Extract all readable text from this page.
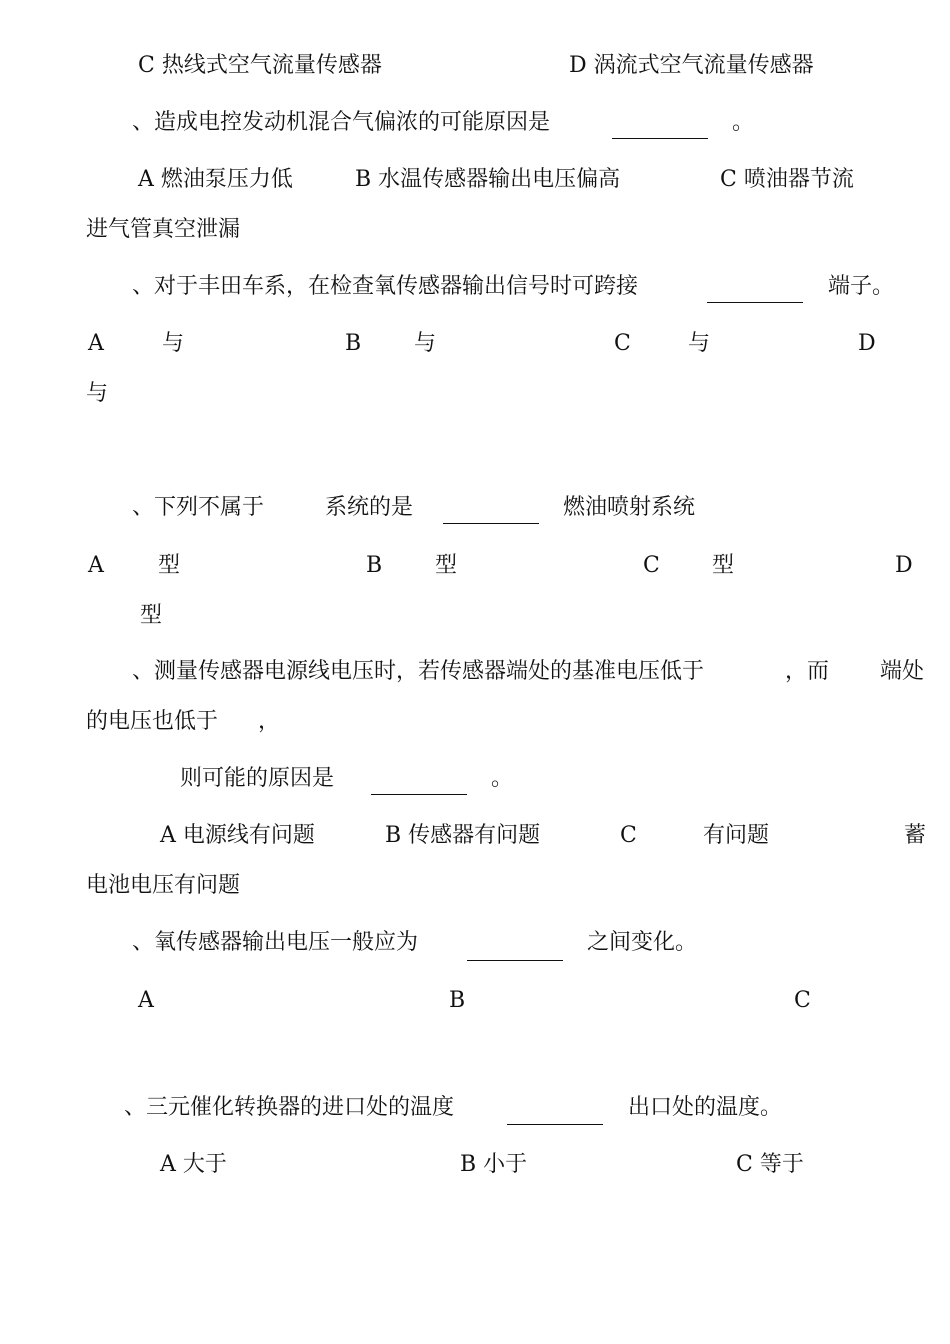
C 热线式空气流量传感器	D 涡流式空气流量传感器
、造成电控发动机混合气偏浓的可能原因是	。
A 燃油泵压力低	B 水温传感器输出电压偏高	C 喷油器节流
进气管真空泄漏
、对于丰田车系，在检查氧传感器输出信号时可跨接	端子。
A	与	B 与	C	与	D
与
、下列不属于	系统的是	燃油喷射系统
A 型	B 型	C 型	D
型
、测量传感器电源线电压时，若传感器端处的基准电压低于	，而 端处
的电压也低于 ，
则可能的原因是	。
A 电源线有问题	B 传感器有问题	C	有问题	蓄
电池电压有问题
、氧传感器输出电压一般应为	之间变化。
A	B	C
、三元催化转换器的进口处的温度	出口处的温度。
A 大于	B 小于	C 等于
